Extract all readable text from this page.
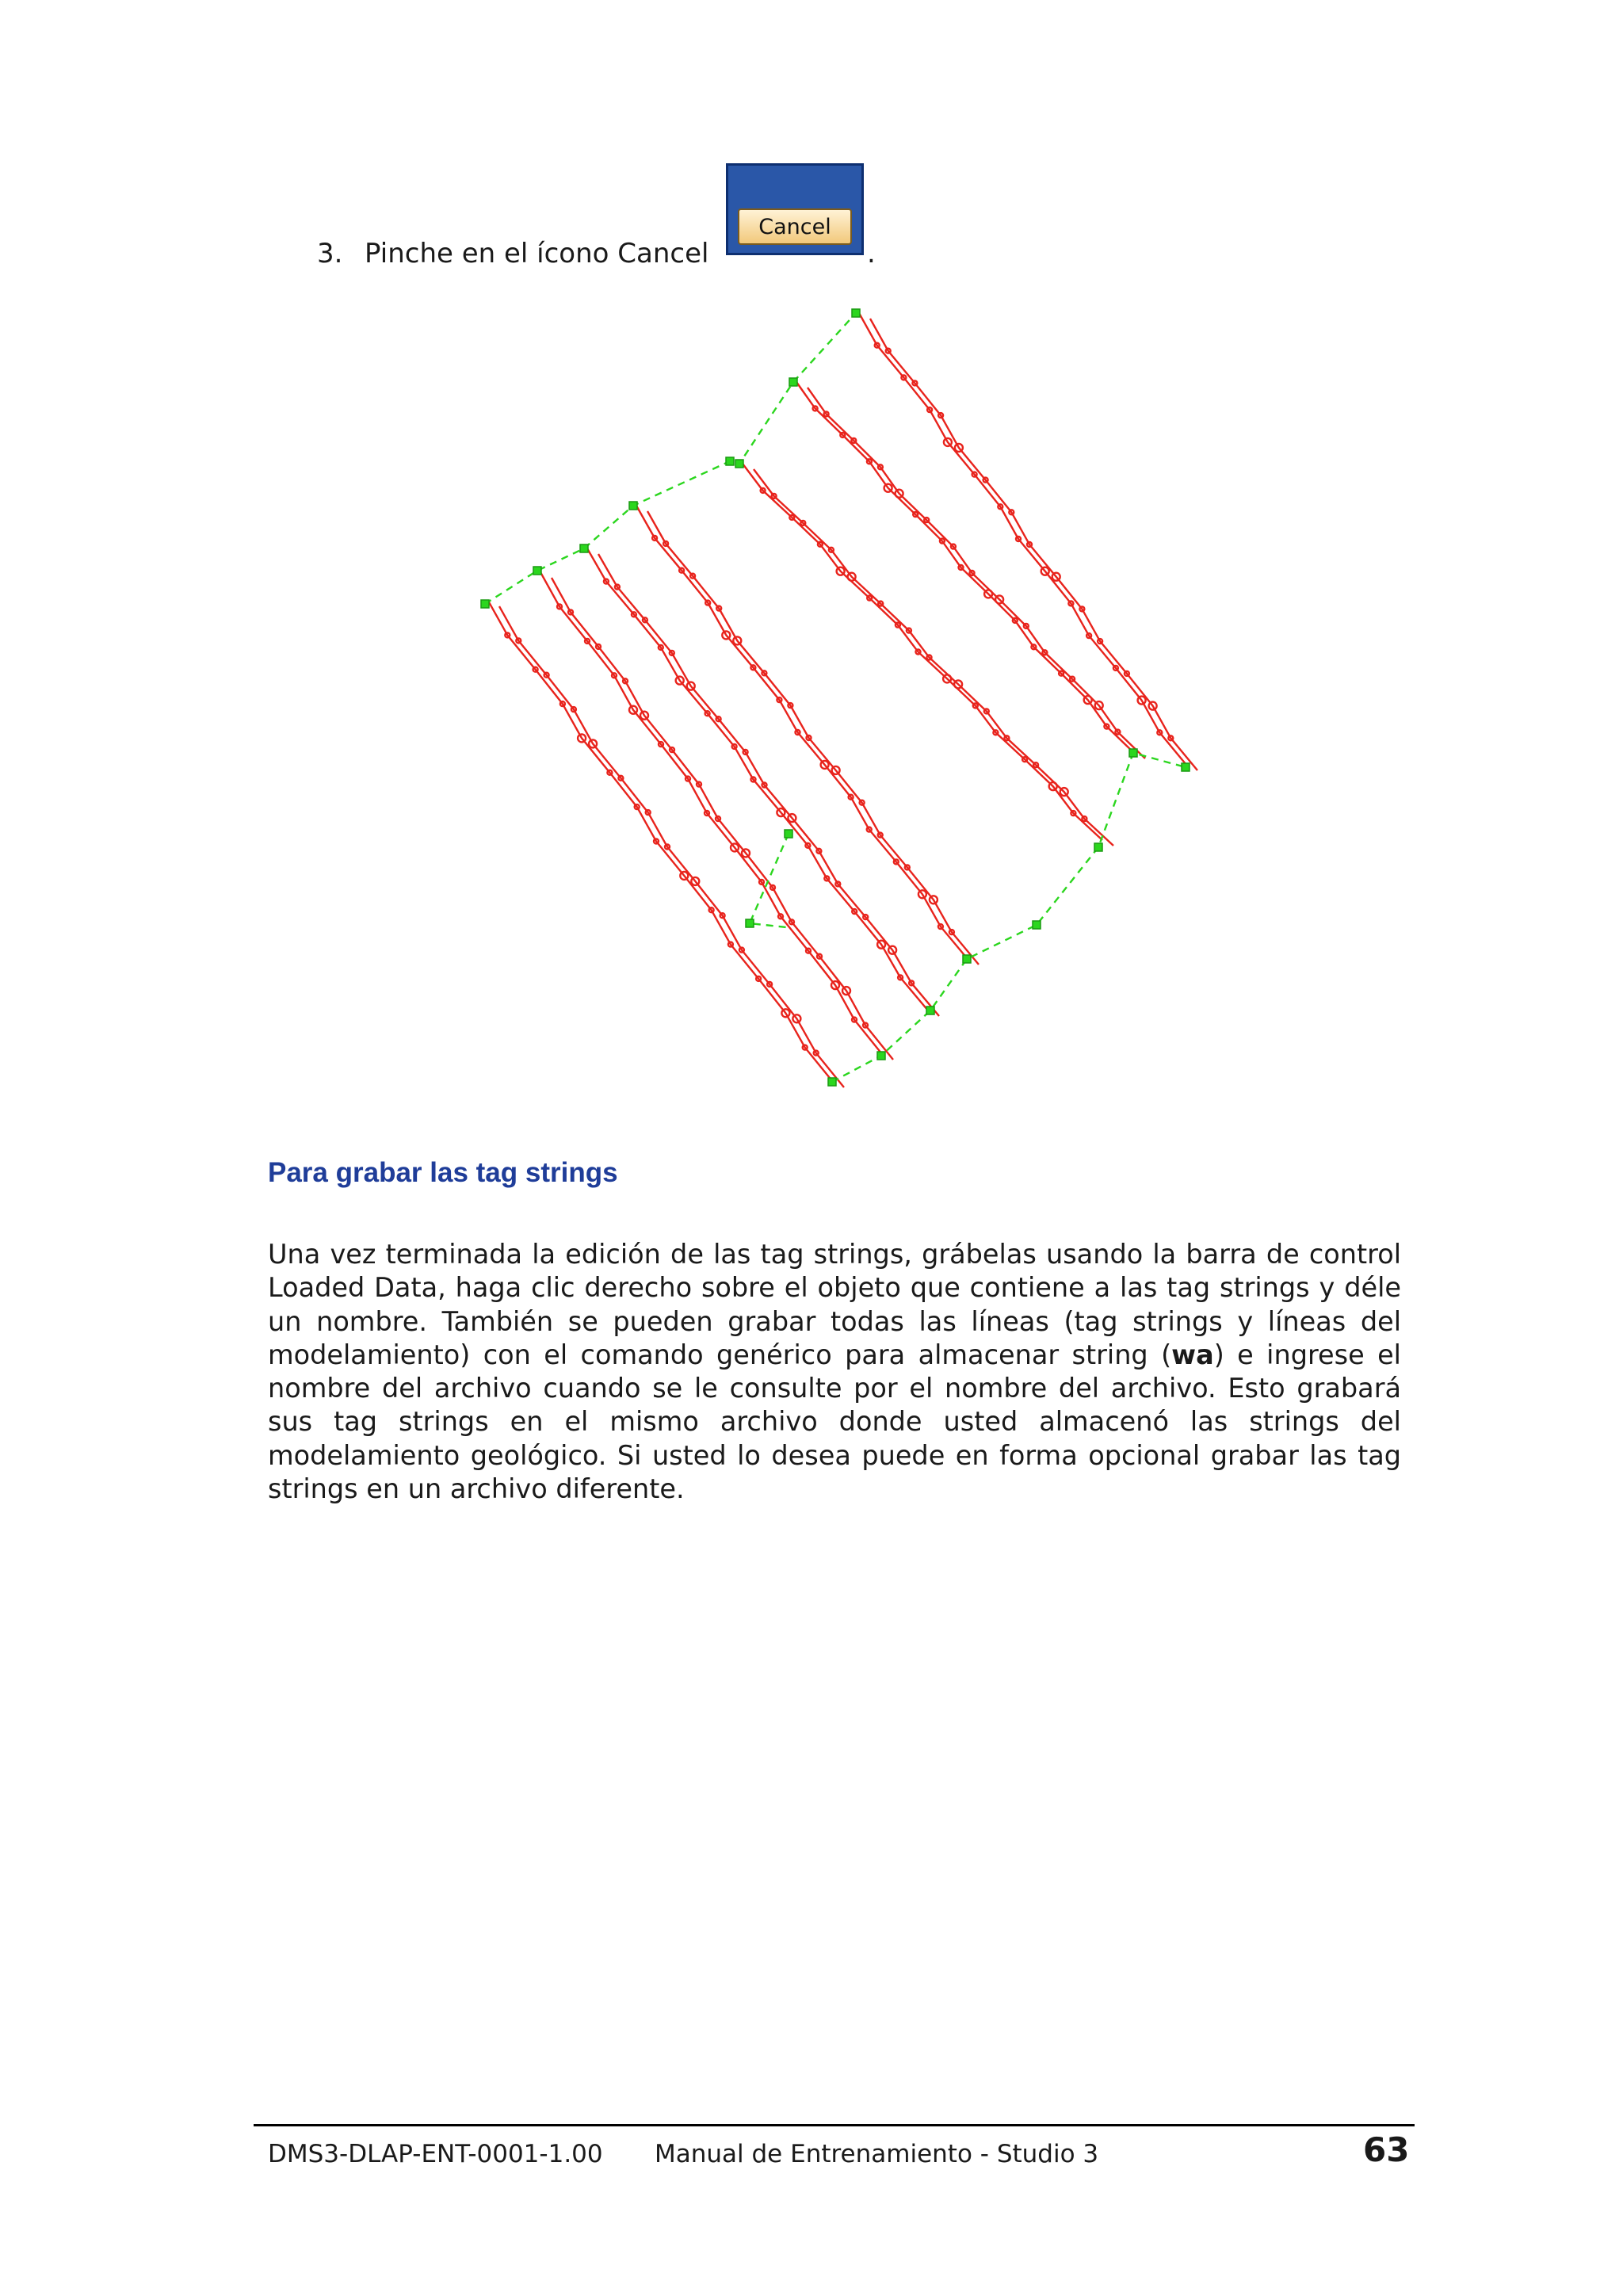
3. Pinche en el ícono Cancel
Cancel
.
Para grabar las tag strings
Una vez terminada la edición de las tag strings, grábelas usando la barra de control Loaded Data, haga clic derecho sobre el objeto que contiene a las tag strings y déle un nombre. También se pueden grabar todas las líneas (tag strings y líneas del modelamiento) con el comando genérico para almacenar string (wa) e ingrese el nombre del archivo cuando se le consulte por el nombre del archivo. Esto grabará sus tag strings en el mismo archivo donde usted almacenó las strings del modelamiento geológico. Si usted lo desea puede en forma opcional grabar las tag strings en un archivo diferente.
DMS3-DLAP-ENT-0001-1.00 Manual de Entrenamiento - Studio 3	63
